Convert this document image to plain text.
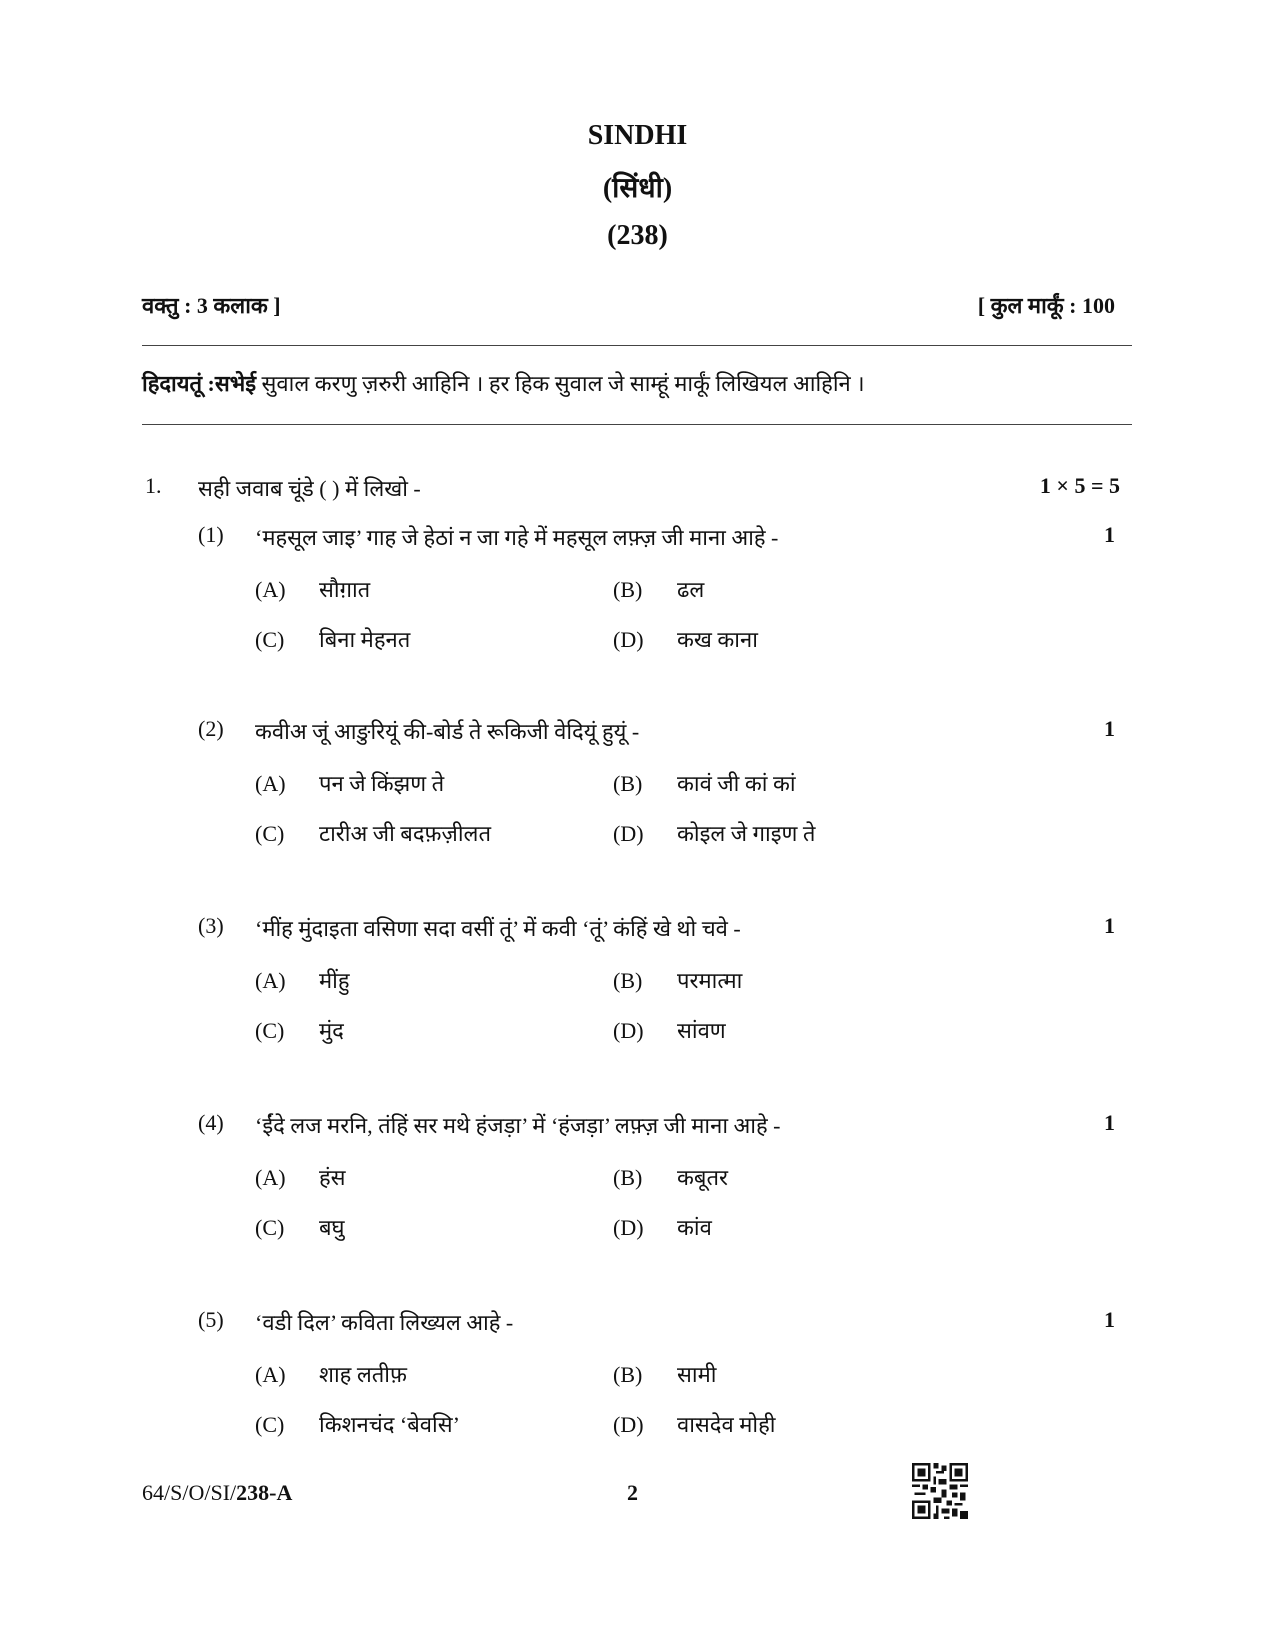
SINDHI
(सिंधी)
(238)
वक्तु : 3 कलाक ]	[ कुल मार्कूं : 100
हिदायतूं :सभेई सुवाल करणु ज़रुरी आहिनि । हर हिक सुवाल जे साम्हूं मार्कूं लिखियल आहिनि ।
1. सही जवाब चूंडे ( ) में लिखो -	1 × 5 = 5
(1) ‘महसूल जाइ’ गाह जे हेठां न जा गहे में महसूल लफ़्ज़ जी माना आहे -	1
(A) सौग़ात	(B) ढल
(C) बिना मेहनत	(D) कख काना
(2) कवीअ जूं आङुरियूं की-बोर्ड ते रूकिजी वेदियूं हुयूं -	1
(A) पन जे किंझण ते	(B) कावं जी कां कां
(C) टारीअ जी बदफ़ज़ीलत	(D) कोइल जे गाइण ते
(3) ‘मींह मुंदाइता वसिणा सदा वसीं तूं’ में कवी ‘तूं’ कंहिं खे थो चवे -	1
(A) मींहु	(B) परमात्मा
(C) मुंद	(D) सांवण
(4) ‘ईंदे लज मरनि, तंहिं सर मथे हंजड़ा’ में ‘हंजड़ा’ लफ़्ज़ जी माना आहे -	1
(A) हंस	(B) कबूतर
(C) बघु	(D) कांव
(5) ‘वडी दिल’ कविता लिख्यल आहे -	1
(A) शाह लतीफ़	(B) सामी
(C) किशनचंद ‘बेवसि’	(D) वासदेव मोही
64/S/O/SI/238-A	2
